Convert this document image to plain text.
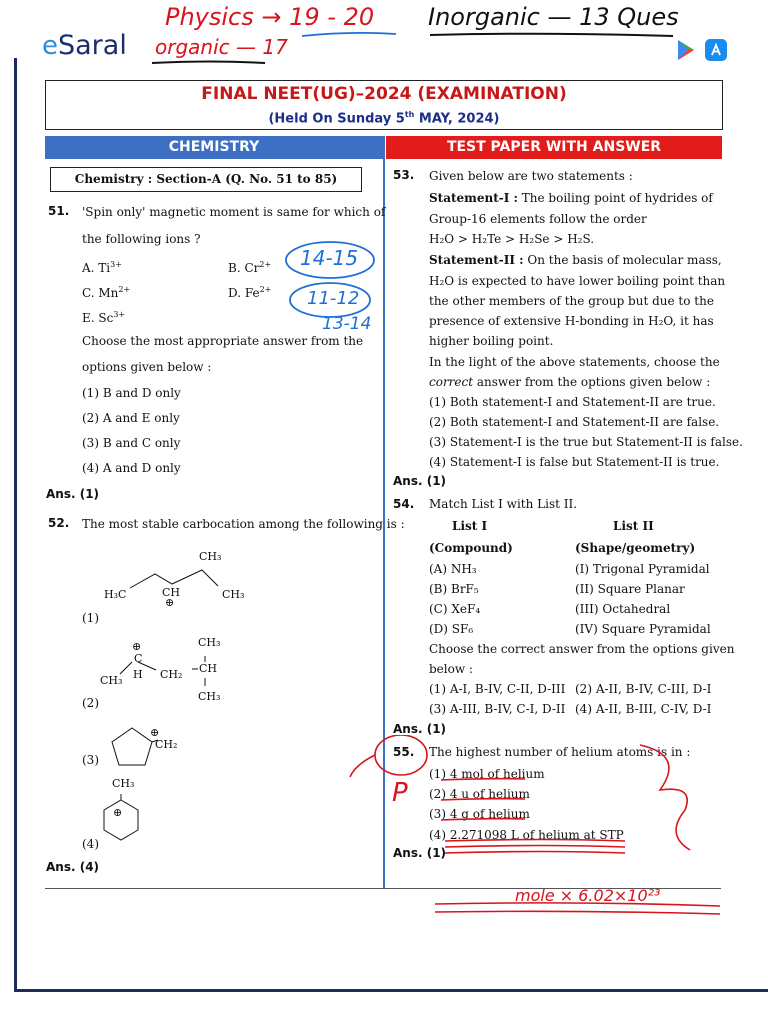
eSaral
Physics → 19 - 20 Inorganic — 13 Ques
organic — 17
FINAL NEET(UG)–2024 (EXAMINATION)
(Held On Sunday 5th MAY, 2024)
CHEMISTRY	TEST PAPER WITH ANSWER
Chemistry : Section-A (Q. No. 51 to 85)
51. 'Spin only' magnetic moment is same for which of
the following ions ?
A. $Ti^{3+}$	B. $Cr^{2+}$
C. $Mn^{2+}$	D. $Fe^{2+}$
E. $Sc^{3+}$
Choose the most appropriate answer from the
options given below :
(1) B and D only
(2) A and E only
(3) B and C only
(4) A and D only
Ans. (1)
14-15
11-12
13-14
52. The most stable carbocation among the following is :
CH₃
H₃C	CH
⊕
CH₃
(1)
⊕
C
CH₃
CH₃ H CH₂ CH
CH₃
(2)
⊕
CH₂
(3)
CH₃
⊕
(4)
Ans. (4)
53. Given below are two statements :
Statement-I : The boiling point of hydrides of
Group-16 elements follow the order
H₂O > H₂Te > H₂Se > H₂S.
Statement-II : On the basis of molecular mass,
H₂O is expected to have lower boiling point than
the other members of the group but due to the
presence of extensive H-bonding in H₂O, it has
higher boiling point.
In the light of the above statements, choose the
correct answer from the options given below :
(1) Both statement-I and Statement-II are true.
(2) Both statement-I and Statement-II are false.
(3) Statement-I is the true but Statement-II is false.
(4) Statement-I is false but Statement-II is true.
Ans. (1)
54. Match List I with List II.
List I	List II
(Compound)	(Shape/geometry)
(A) NH₃	(I) Trigonal Pyramidal
(B) BrF₅	(II) Square Planar
(C) XeF₄	(III) Octahedral
(D) SF₆	(IV) Square Pyramidal
Choose the correct answer from the options given
below :
(1) A-I, B-IV, C-II, D-III (2) A-II, B-IV, C-III, D-I
(3) A-III, B-IV, C-I, D-II (4) A-II, B-III, C-IV, D-I
Ans. (1)
55. The highest number of helium atoms is in :
(1) 4 mol of helium
(2) 4 u of helium
(3) 4 g of helium
(4) 2.271098 L of helium at STP
Ans. (1)
P
mole × 6.02×10²³
